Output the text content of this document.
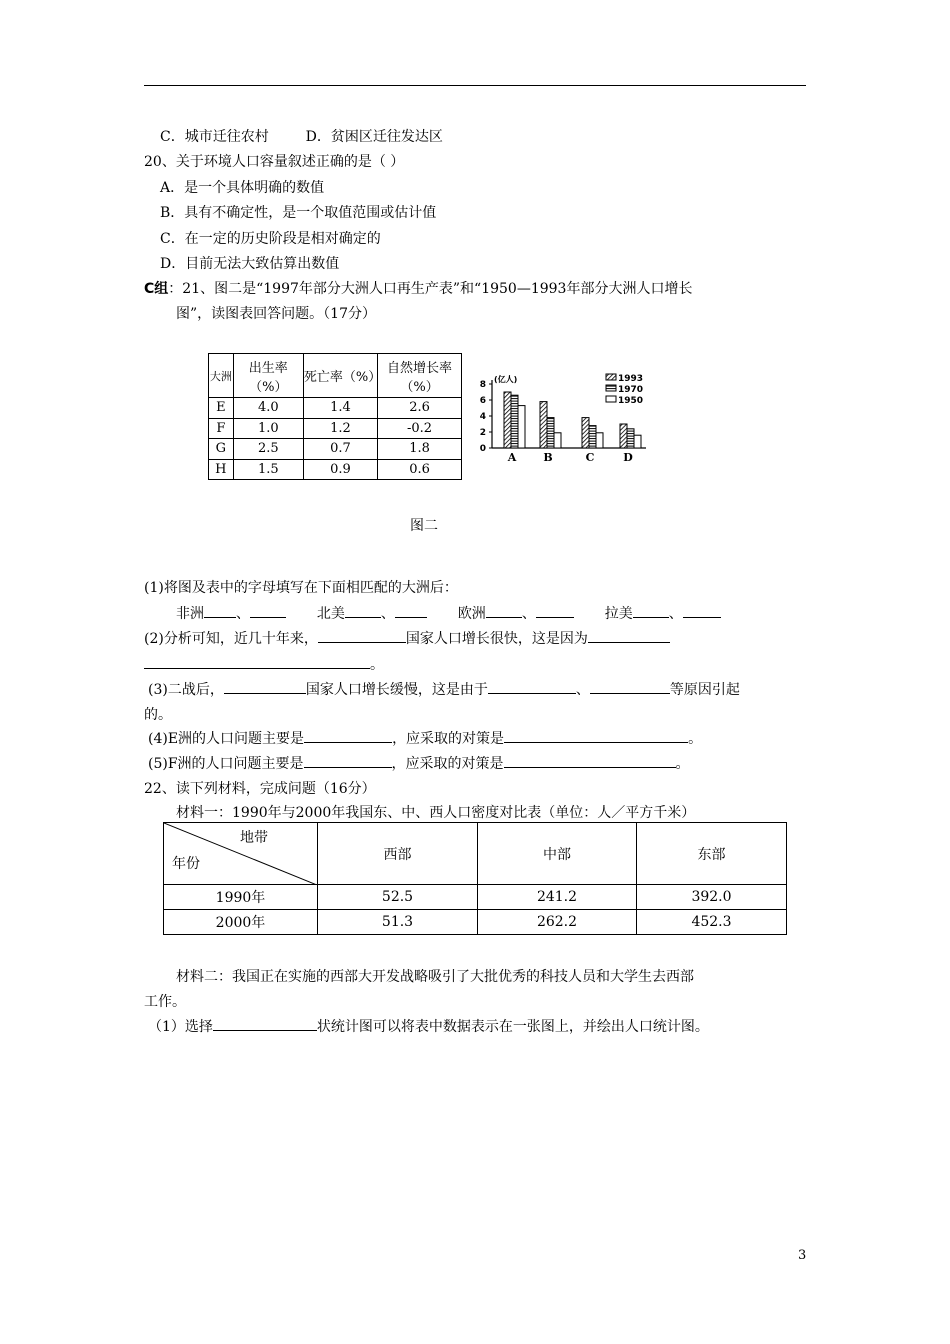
C．城市迁往农村	D．贫困区迁往发达区
20、关于环境人口容量叙述正确的是（ ）
A．是一个具体明确的数值
B．具有不确定性，是一个取值范围或估计值
C．在一定的历史阶段是相对确定的
D．目前无法大致估算出数值
C组：21、图二是“1997年部分大洲人口再生产表”和“1950—1993年部分大洲人口增长
图”，读图表回答问题。（17分）
大洲	出生率（%）	死亡率（%）	自然增长率（%）
E	4.0	1.4	2.6
F	1.0	1.2	-0.2
G	2.5	0.7	1.8
H	1.5	0.9	0.6
0
2
4
6
8
(亿人)
A B	C	D
1993
1970
1950
图二
(1)将图及表中的字母填写在下面相匹配的大洲后：
非洲 、	北美	、	欧洲	、	拉美	、
(2)分析可知，近几十年来，	国家人口增长很快，这是因为
。
(3)二战后，	国家人口增长缓慢，这是由于	、	等原因引起
的。
(4)E洲的人口问题主要是	，应采取的对策是	。
(5)F洲的人口问题主要是	，应采取的对策是	。
22、读下列材料，完成问题（16分）
材料一：1990年与2000年我国东、中、西人口密度对比表（单位：人／平方千米）
地带
年份	西部	中部	东部
1990年	52.5	241.2	392.0
2000年	51.3	262.2	452.3
材料二：我国正在实施的西部大开发战略吸引了大批优秀的科技人员和大学生去西部
工作。
（1）选择	状统计图可以将表中数据表示在一张图上，并绘出人口统计图。
3
